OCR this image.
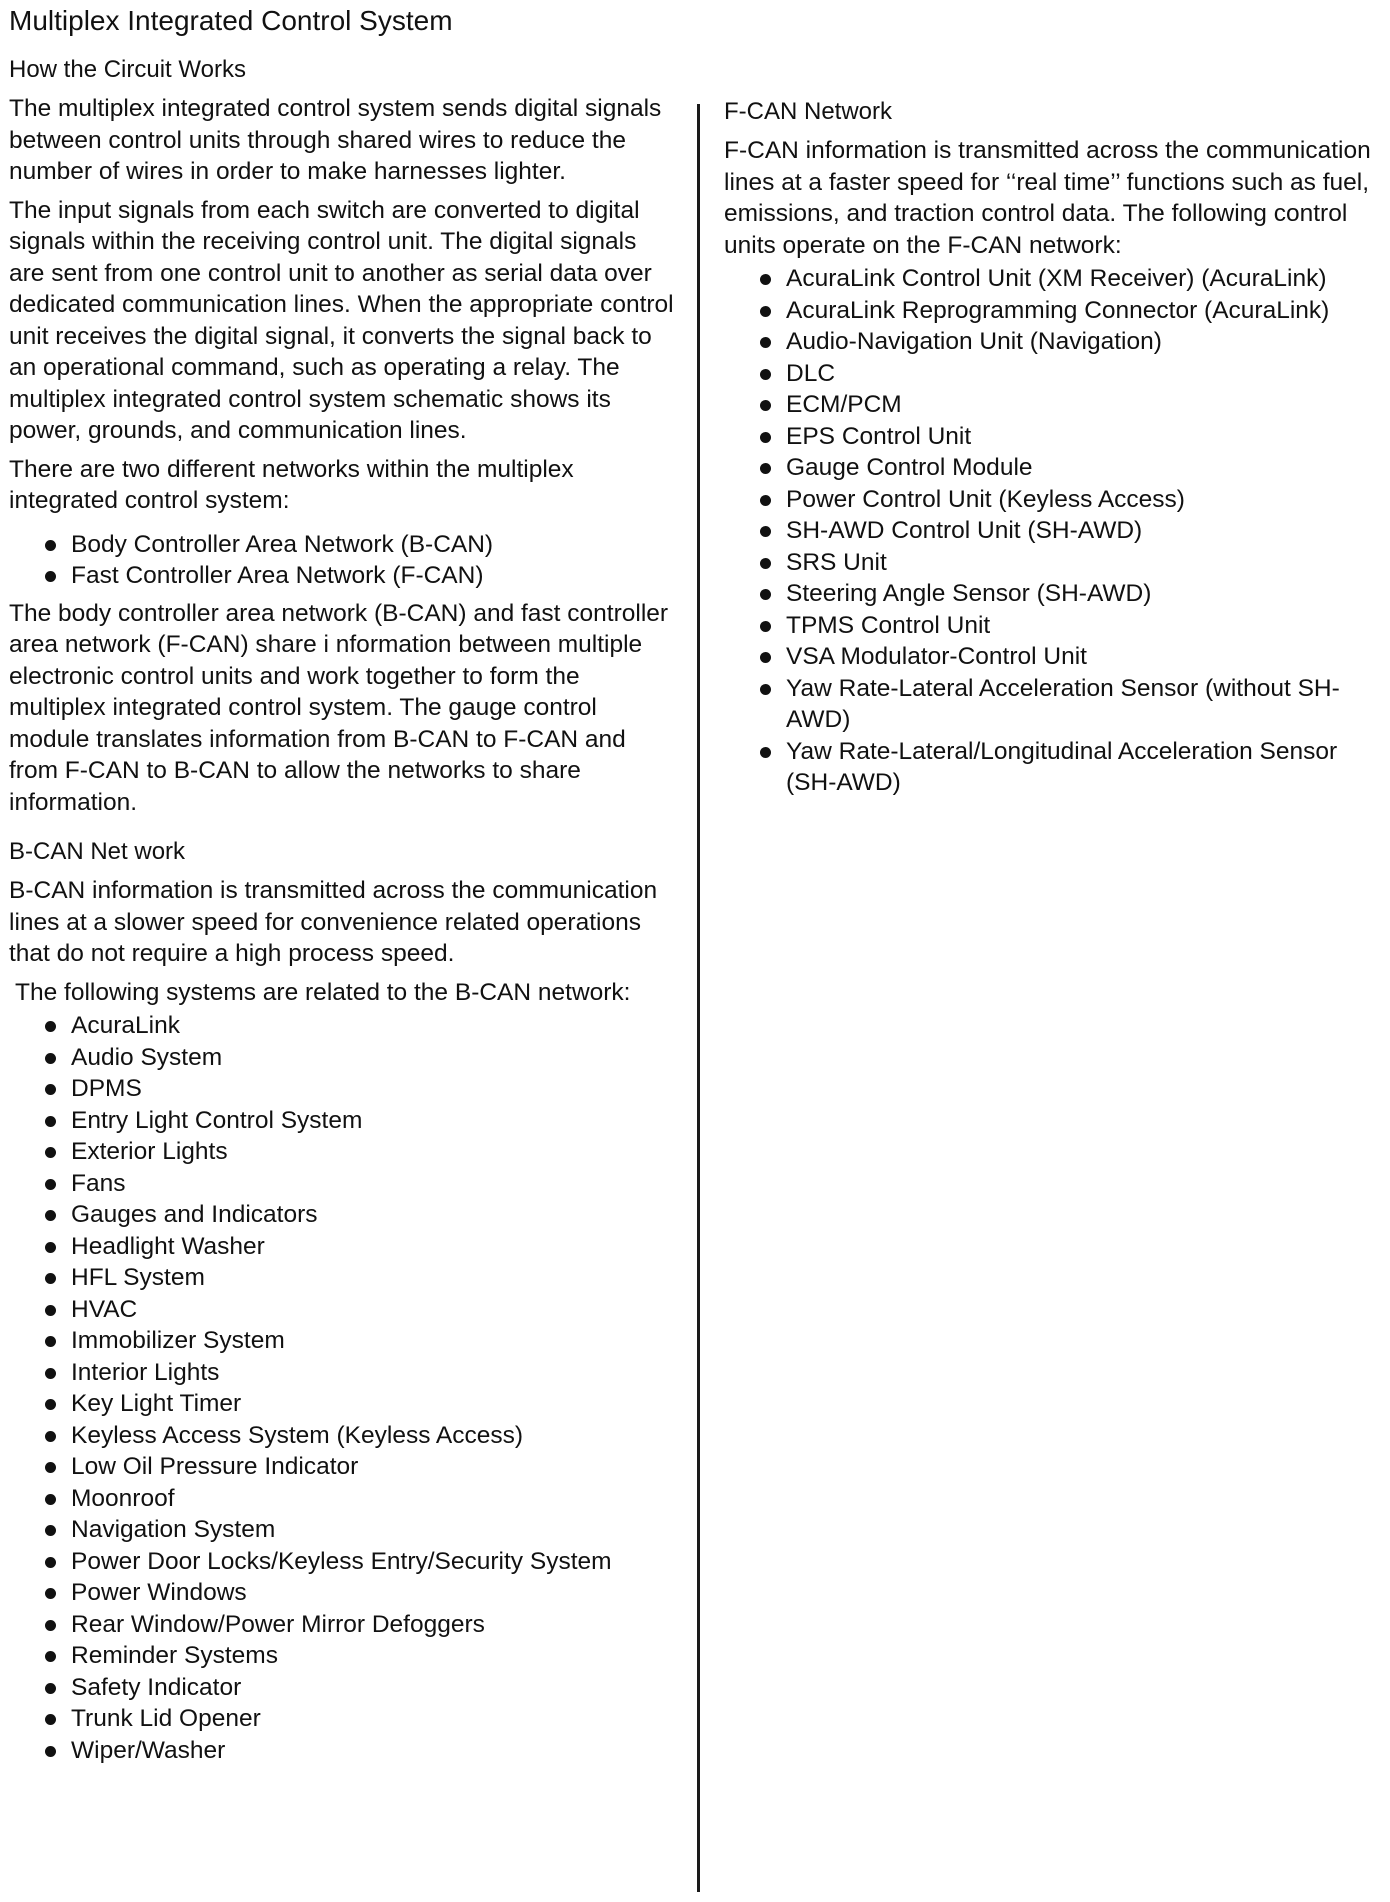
Multiplex Integrated Control System
How the Circuit Works

The multiplex integrated control system sends digital signals between control units through shared wires to reduce the number of wires in order to make harnesses lighter.

The input signals from each switch are converted to digital signals within the receiving control unit. The digital signals are sent from one control unit to another as serial data over dedicated communication lines. When the appropriate control unit receives the digital signal, it converts the signal back to an operational command, such as operating a relay. The multiplex integrated control system schematic shows its power, grounds, and communication lines.

There are two different networks within the multiplex integrated control system:

Body Controller Area Network (B-CAN)
Fast Controller Area Network (F-CAN)

The body controller area network (B-CAN) and fast controller area network (F-CAN) share i nformation between multiple electronic control units and work together to form the multiplex integrated control system. The gauge control module translates information from B-CAN to F-CAN and from F-CAN to B-CAN to allow the networks to share information.

B-CAN Net work

B-CAN information is transmitted across the communication lines at a slower speed for convenience related operations that do not require a high process speed.

The following systems are related to the B-CAN network:

AcuraLink
Audio System
DPMS
Entry Light Control System
Exterior Lights
Fans
Gauges and Indicators
Headlight Washer
HFL System
HVAC
Immobilizer System
Interior Lights
Key Light Timer
Keyless Access System (Keyless Access)
Low Oil Pressure Indicator
Moonroof
Navigation System
Power Door Locks/Keyless Entry/Security System
Power Windows
Rear Window/Power Mirror Defoggers
Reminder Systems
Safety Indicator
Trunk Lid Opener
Wiper/Washer
F-CAN Network

F-CAN information is transmitted across the communication lines at a faster speed for ‘‘real time’’ functions such as fuel, emissions, and traction control data. The following control units operate on the F-CAN network:

AcuraLink Control Unit (XM Receiver) (AcuraLink)
AcuraLink Reprogramming Connector (AcuraLink)
Audio-Navigation Unit (Navigation)
DLC
ECM/PCM
EPS Control Unit
Gauge Control Module
Power Control Unit (Keyless Access)
SH-AWD Control Unit (SH-AWD)
SRS Unit
Steering Angle Sensor (SH-AWD)
TPMS Control Unit
VSA Modulator-Control Unit
Yaw Rate-Lateral Acceleration Sensor (without SH-AWD)
Yaw Rate-Lateral/Longitudinal Acceleration Sensor (SH-AWD)
